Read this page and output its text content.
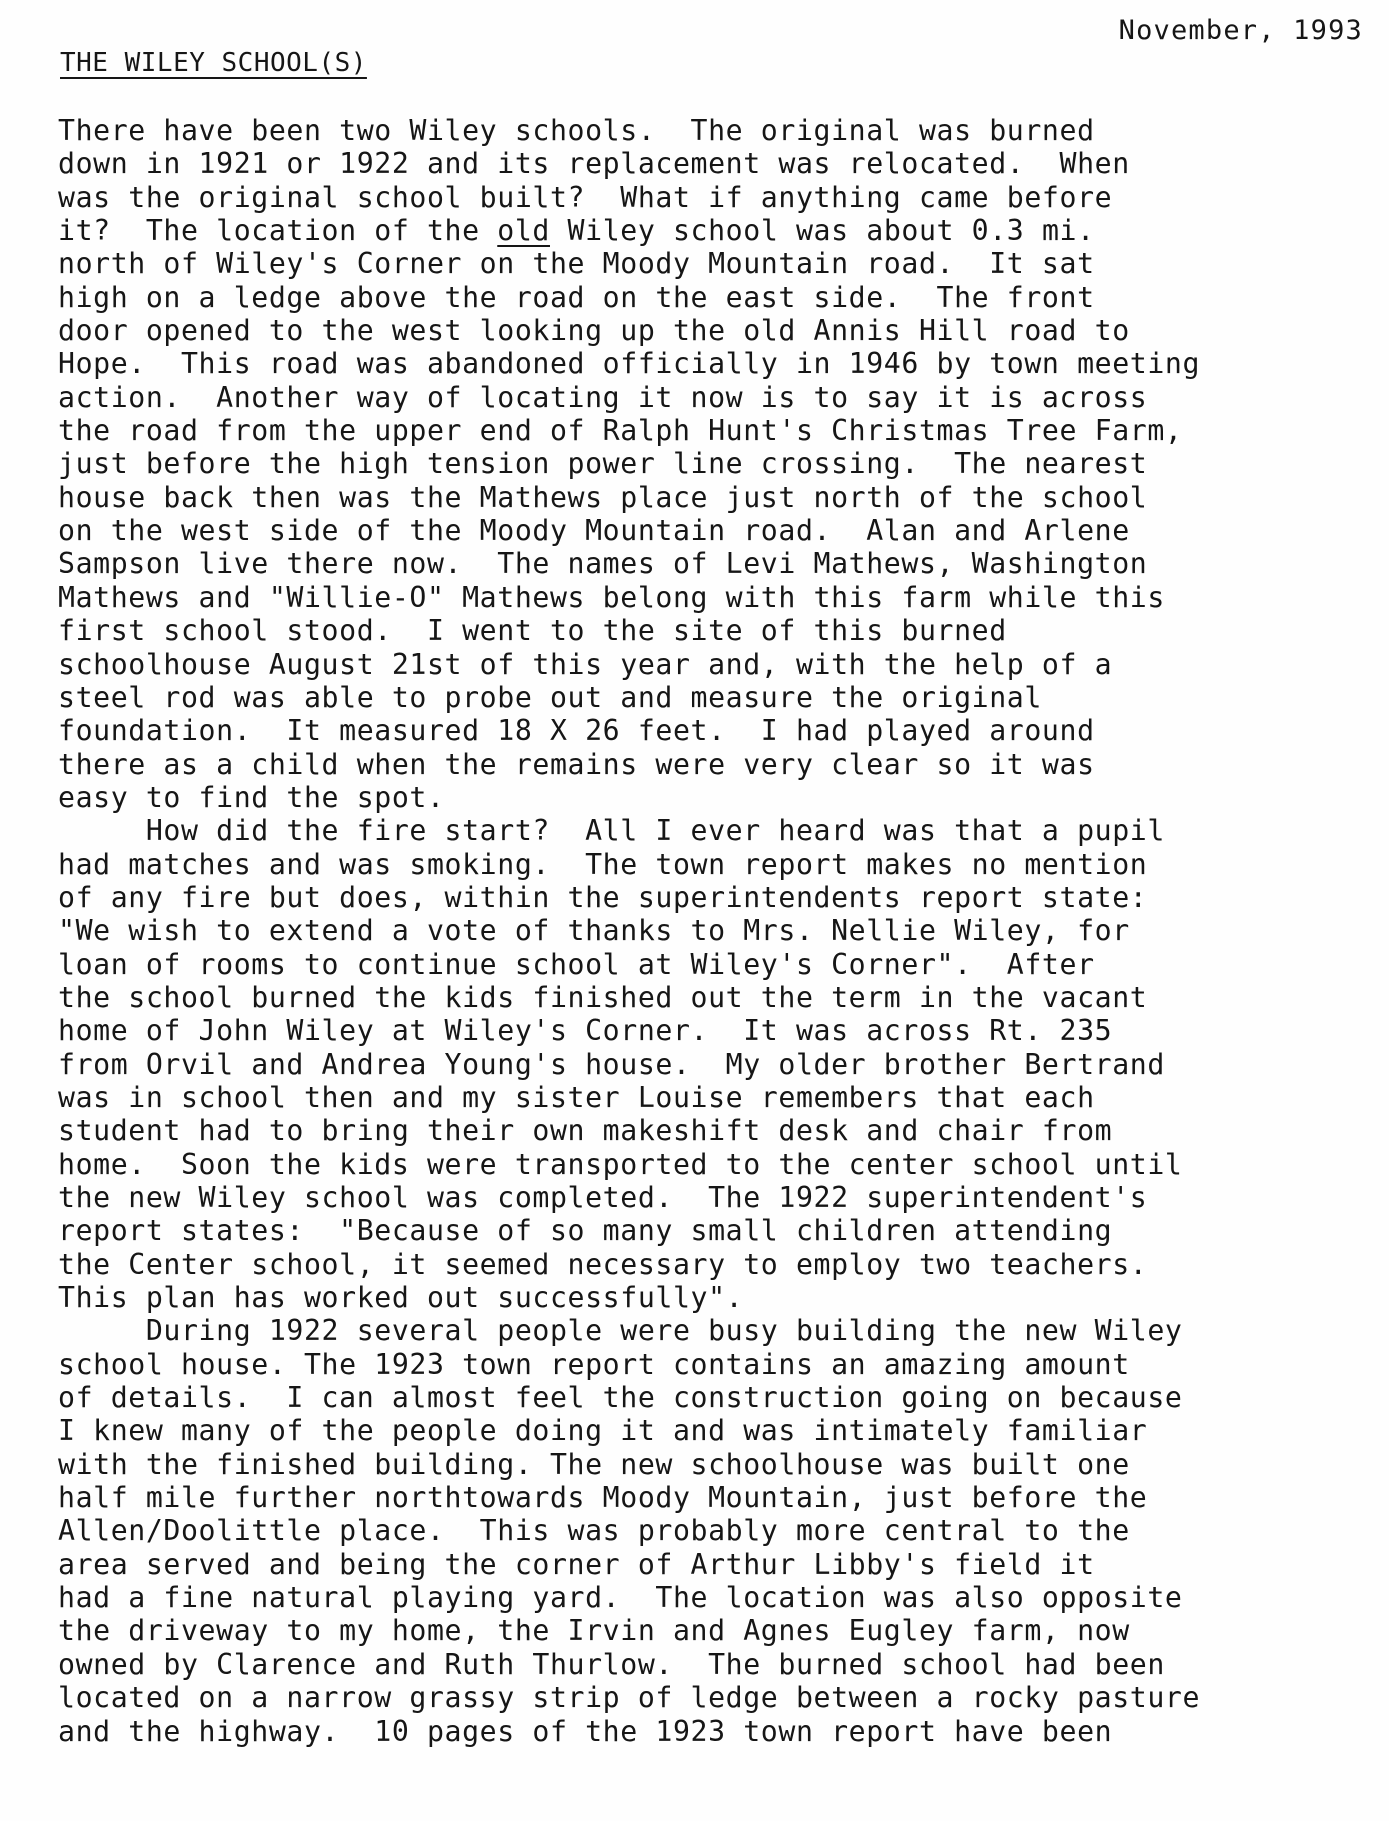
November, 1993
THE WILEY SCHOOL(S)
There have been two Wiley schools.  The original was burned
down in 1921 or 1922 and its replacement was relocated.  When
was the original school built?  What if anything came before
it?  The location of the old Wiley school was about 0.3 mi.
north of Wiley's Corner on the Moody Mountain road.  It sat
high on a ledge above the road on the east side.  The front
door opened to the west looking up the old Annis Hill road to
Hope.  This road was abandoned officially in 1946 by town meeting
action.  Another way of locating it now is to say it is across
the road from the upper end of Ralph Hunt's Christmas Tree Farm,
just before the high tension power line crossing.  The nearest
house back then was the Mathews place just north of the school
on the west side of the Moody Mountain road.  Alan and Arlene
Sampson live there now.  The names of Levi Mathews, Washington
Mathews and "Willie-O" Mathews belong with this farm while this
first school stood.  I went to the site of this burned
schoolhouse August 21st of this year and, with the help of a
steel rod was able to probe out and measure the original
foundation.  It measured 18 X 26 feet.  I had played around
there as a child when the remains were very clear so it was
easy to find the spot.
How did the fire start?  All I ever heard was that a pupil
had matches and was smoking.  The town report makes no mention
of any fire but does, within the superintendents report state:
"We wish to extend a vote of thanks to Mrs. Nellie Wiley, for
loan of rooms to continue school at Wiley's Corner".  After
the school burned the kids finished out the term in the vacant
home of John Wiley at Wiley's Corner.  It was across Rt. 235
from Orvil and Andrea Young's house.  My older brother Bertrand
was in school then and my sister Louise remembers that each
student had to bring their own makeshift desk and chair from
home.  Soon the kids were transported to the center school until
the new Wiley school was completed.  The 1922 superintendent's
report states:  "Because of so many small children attending
the Center school, it seemed necessary to employ two teachers.
This plan has worked out successfully".
During 1922 several people were busy building the new Wiley
school house. The 1923 town report contains an amazing amount
of details.  I can almost feel the construction going on because
I knew many of the people doing it and was intimately familiar
with the finished building. The new schoolhouse was built one
half mile further northtowards Moody Mountain, just before the
Allen/Doolittle place.  This was probably more central to the
area served and being the corner of Arthur Libby's field it
had a fine natural playing yard.  The location was also opposite
the driveway to my home, the Irvin and Agnes Eugley farm, now
owned by Clarence and Ruth Thurlow.  The burned school had been
located on a narrow grassy strip of ledge between a rocky pasture
and the highway.  10 pages of the 1923 town report have been
